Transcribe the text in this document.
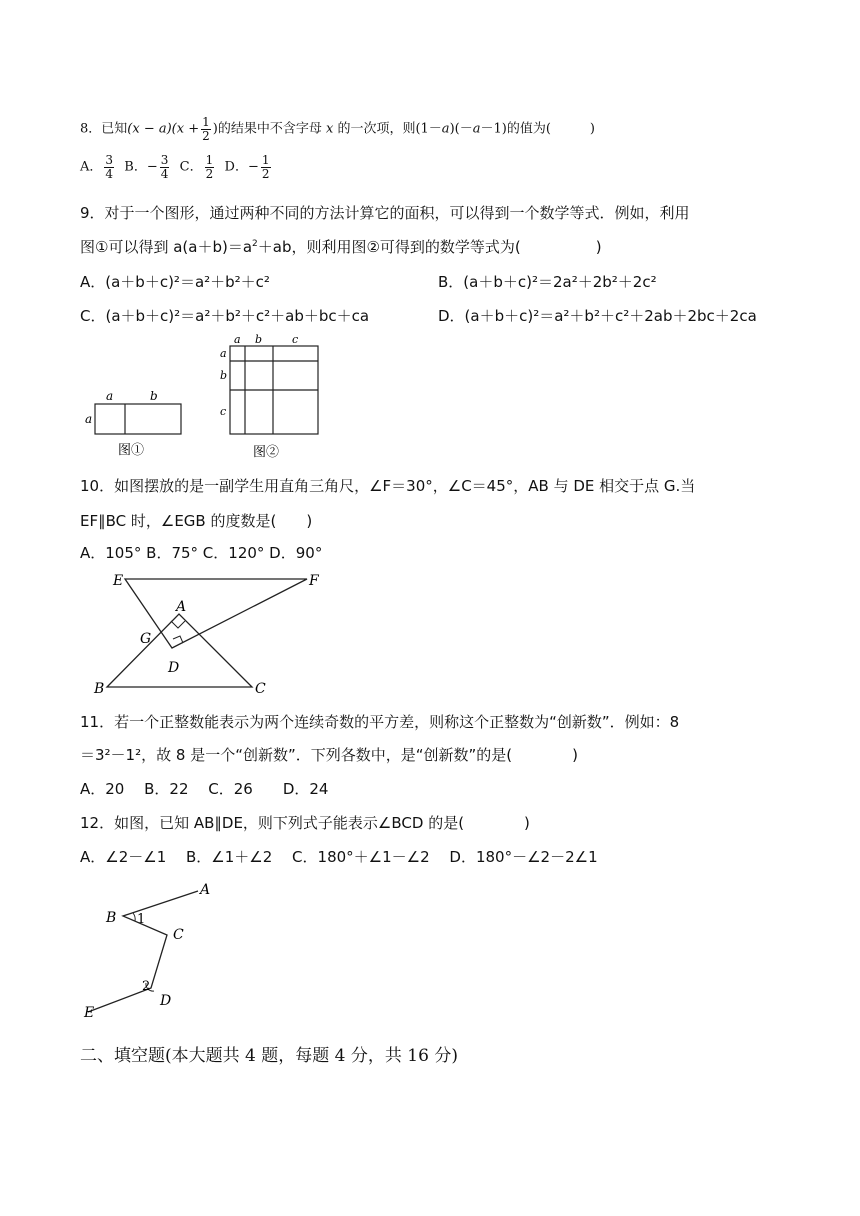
8．已知$(x - a)(x + \frac{1}{2}$ )的结果中不含字母 x 的一次项，则(1－a)(－a－1)的值为(　　　)
A． $\frac{3}{4}$ B．− $\frac{3}{4}$ C． $\frac{1}{2}$ D．− $\frac{1}{2}$
9．对于一个图形，通过两种不同的方法计算它的面积，可以得到一个数学等式．例如，利用
图①可以得到 $a(a+b)=a^2+ab$，则利用图②可得到的数学等式为(　　　　　)
A．(a＋b＋c)²＝a²＋b²＋c²	B．(a＋b＋c)²＝2a²＋2b²＋2c²
C．(a＋b＋c)²＝a²＋b²＋c²＋ab＋bc＋ca	D．(a＋b＋c)²＝a²＋b²＋c²＋2ab＋2bc＋2ca
a	b
a
图①
a b	c
a
b
c
图②
10．如图摆放的是一副学生用直角三角尺，∠F＝30°，∠C＝45°，AB 与 DE 相交于点 G.当
EF∥BC 时，∠EGB 的度数是(　　)
A．105° B．75° C．120° D．90°
E	F
A
G
D
B	C
11．若一个正整数能表示为两个连续奇数的平方差，则称这个正整数为“创新数”．例如：8
＝3²－1²，故 8 是一个“创新数”．下列各数中，是“创新数”的是(　　　　)
A．20　 B．22　 C．26　　D．24
12．如图，已知 AB∥DE，则下列式子能表示∠BCD 的是(　　　　)
A．∠2－∠1　 B．∠1＋∠2　 C．180°＋∠1－∠2　 D．180°－∠2－2∠1
A
B
C
D
E
1
2
二、填空题(本大题共 4 题，每题 4 分，共 16 分)
